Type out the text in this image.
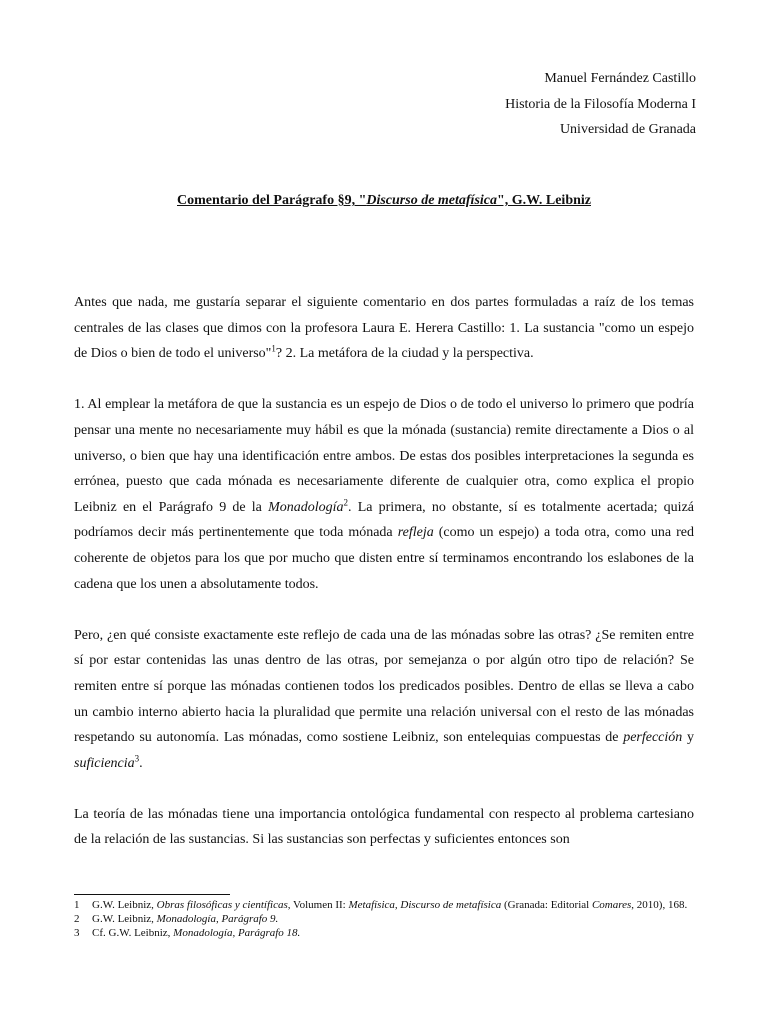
Manuel Fernández Castillo
Historia de la Filosofía Moderna I
Universidad de Granada
Comentario del Parágrafo §9, "Discurso de metafísica", G.W. Leibniz

Antes que nada, me gustaría separar el siguiente comentario en dos partes formuladas a raíz de los temas centrales de las clases que dimos con la profesora Laura E. Herera Castillo: 1. La sustancia "como un espejo de Dios o bien de todo el universo"$^1$? 2. La metáfora de la ciudad y la perspectiva.

1. Al emplear la metáfora de que la sustancia es un espejo de Dios o de todo el universo lo primero que podría pensar una mente no necesariamente muy hábil es que la mónada (sustancia) remite directamente a Dios o al universo, o bien que hay una identificación entre ambos. De estas dos posibles interpretaciones la segunda es errónea, puesto que cada mónada es necesariamente diferente de cualquier otra, como explica el propio Leibniz en el Parágrafo 9 de la Monadología$^2$. La primera, no obstante, sí es totalmente acertada; quizá podríamos decir más pertinentemente que toda mónada refleja (como un espejo) a toda otra, como una red coherente de objetos para los que por mucho que disten entre sí terminamos encontrando los eslabones de la cadena que los unen a absolutamente todos.

Pero, ¿en qué consiste exactamente este reflejo de cada una de las mónadas sobre las otras? ¿Se remiten entre sí por estar contenidas las unas dentro de las otras, por semejanza o por algún otro tipo de relación? Se remiten entre sí porque las mónadas contienen todos los predicados posibles. Dentro de ellas se lleva a cabo un cambio interno abierto hacia la pluralidad que permite una relación universal con el resto de las mónadas respetando su autonomía. Las mónadas, como sostiene Leibniz, son entelequias compuestas de perfección y suficiencia$^3$.

La teoría de las mónadas tiene una importancia ontológica fundamental con respecto al problema cartesiano de la relación de las sustancias. Si las sustancias son perfectas y suficientes entonces son

1	G.W. Leibniz, Obras filosóficas y científicas, Volumen II: Metafísica, Discurso de metafísica (Granada: Editorial Comares, 2010), 168.
2	G.W. Leibniz, Monadología, Parágrafo 9.
3	Cf. G.W. Leibniz, Monadología, Parágrafo 18.
